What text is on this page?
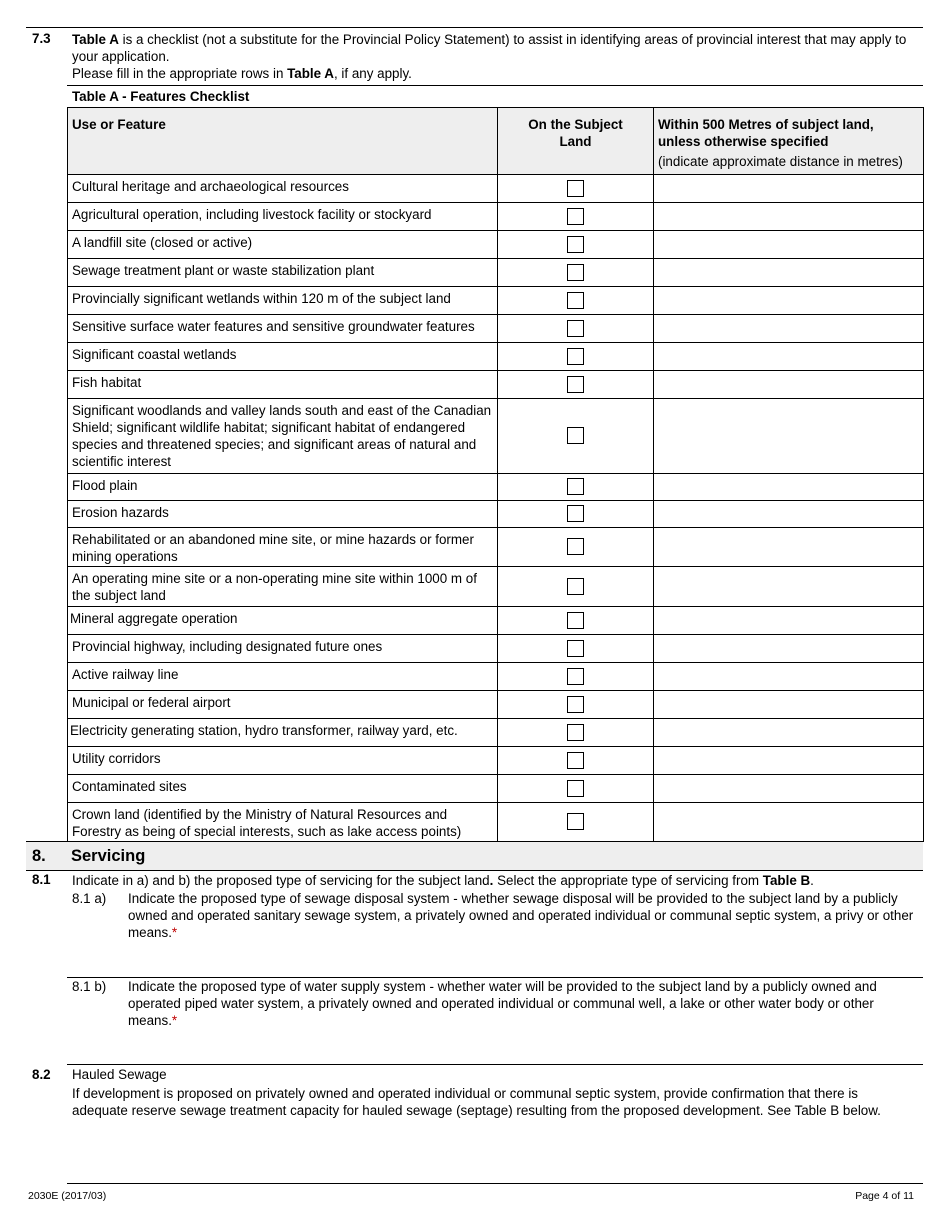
7.3 Table A is a checklist (not a substitute for the Provincial Policy Statement) to assist in identifying areas of provincial interest that may apply to your application.
Please fill in the appropriate rows in Table A, if any apply.
Table A - Features Checklist
Use or Feature	On the Subject Land	Within 500 Metres of subject land, unless otherwise specified
(indicate approximate distance in metres)

Cultural heritage and archaeological resources		
Agricultural operation, including livestock facility or stockyard		
A landfill site (closed or active)		
Sewage treatment plant or waste stabilization plant		
Provincially significant wetlands within 120 m of the subject land		
Sensitive surface water features and sensitive groundwater features		
Significant coastal wetlands		
Fish habitat		
Significant woodlands and valley lands south and east of the Canadian Shield; significant wildlife habitat; significant habitat of endangered species and threatened species; and significant areas of natural and scientific interest		
Flood plain		
Erosion hazards		
Rehabilitated or an abandoned mine site, or mine hazards or former mining operations		
An operating mine site or a non-operating mine site within 1000 m of the subject land		
Mineral aggregate operation		
Provincial highway, including designated future ones		
Active railway line		
Municipal or federal airport		
Electricity generating station, hydro transformer, railway yard, etc.		
Utility corridors		
Contaminated sites		
Crown land (identified by the Ministry of Natural Resources and Forestry as being of special interests, such as lake access points)		
8. Servicing
8.1 Indicate in a) and b) the proposed type of servicing for the subject land. Select the appropriate type of servicing from Table B.
8.1 a) Indicate the proposed type of sewage disposal system - whether sewage disposal will be provided to the subject land by a publicly owned and operated sanitary sewage system, a privately owned and operated individual or communal septic system, a privy or other means.*
8.1 b) Indicate the proposed type of water supply system - whether water will be provided to the subject land by a publicly owned and operated piped water system, a privately owned and operated individual or communal well, a lake or other water body or other means.*
8.2 Hauled Sewage
If development is proposed on privately owned and operated individual or communal septic system, provide confirmation that there is adequate reserve sewage treatment capacity for hauled sewage (septage) resulting from the proposed development. See Table B below.
2030E (2017/03)	Page 4 of 11
